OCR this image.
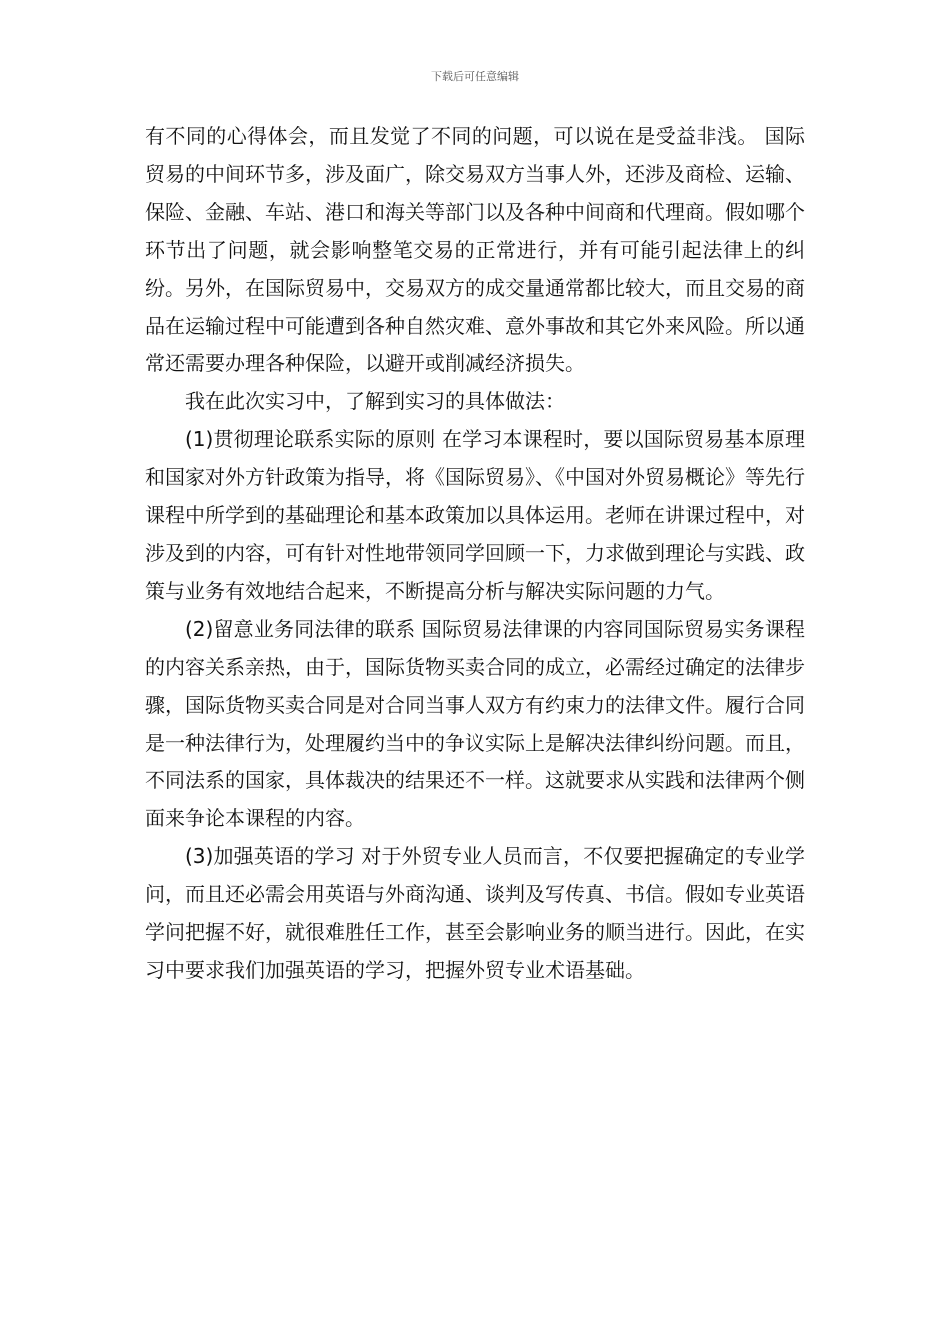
下载后可任意编辑

有不同的心得体会，而且发觉了不同的问题，可以说在是受益非浅。 国际贸易的中间环节多，涉及面广，除交易双方当事人外，还涉及商检、运输、保险、金融、车站、港口和海关等部门以及各种中间商和代理商。假如哪个环节出了问题，就会影响整笔交易的正常进行，并有可能引起法律上的纠纷。另外，在国际贸易中，交易双方的成交量通常都比较大，而且交易的商品在运输过程中可能遭到各种自然灾难、意外事故和其它外来风险。所以通常还需要办理各种保险，以避开或削减经济损失。

我在此次实习中，了解到实习的具体做法：

(1)贯彻理论联系实际的原则 在学习本课程时，要以国际贸易基本原理和国家对外方针政策为指导，将《国际贸易》、《中国对外贸易概论》等先行课程中所学到的基础理论和基本政策加以具体运用。老师在讲课过程中，对涉及到的内容，可有针对性地带领同学回顾一下，力求做到理论与实践、政策与业务有效地结合起来，不断提高分析与解决实际问题的力气。

(2)留意业务同法律的联系 国际贸易法律课的内容同国际贸易实务课程的内容关系亲热，由于，国际货物买卖合同的成立，必需经过确定的法律步骤，国际货物买卖合同是对合同当事人双方有约束力的法律文件。履行合同是一种法律行为，处理履约当中的争议实际上是解决法律纠纷问题。而且，不同法系的国家，具体裁决的结果还不一样。这就要求从实践和法律两个侧面来争论本课程的内容。

(3)加强英语的学习 对于外贸专业人员而言，不仅要把握确定的专业学问，而且还必需会用英语与外商沟通、谈判及写传真、书信。假如专业英语学问把握不好，就很难胜任工作，甚至会影响业务的顺当进行。因此，在实习中要求我们加强英语的学习，把握外贸专业术语基础。
